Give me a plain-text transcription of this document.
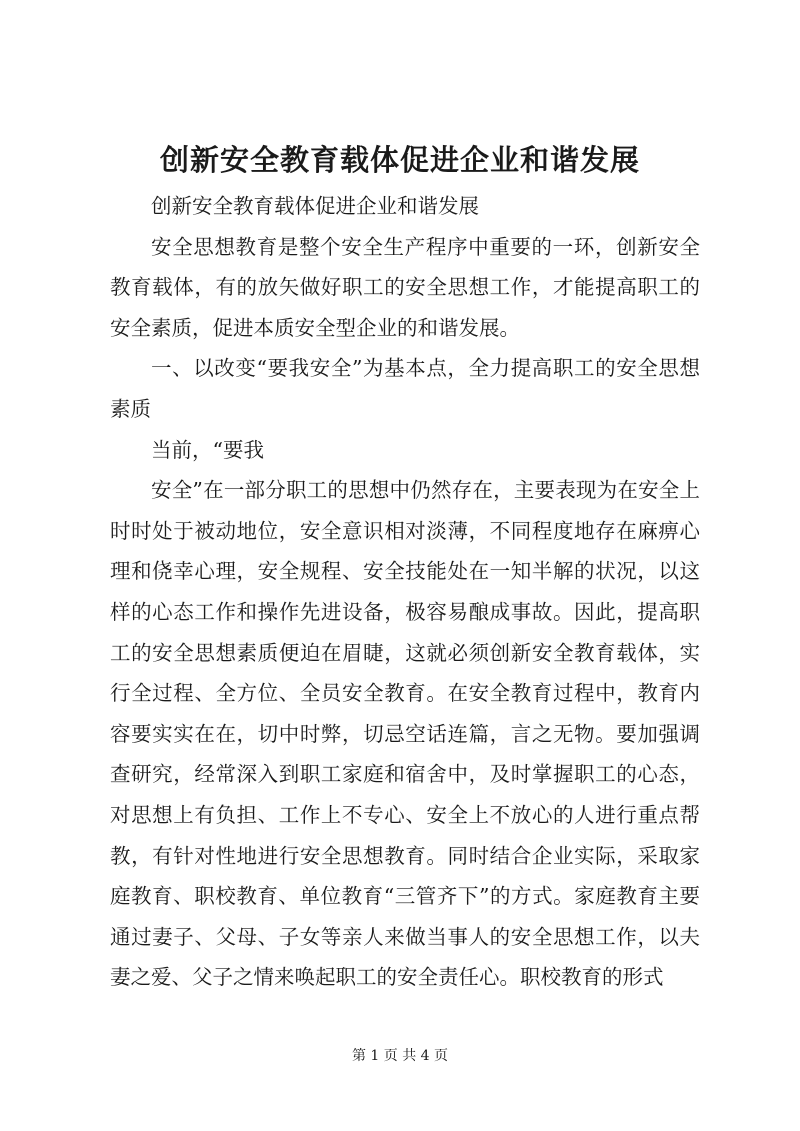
创新安全教育载体促进企业和谐发展

创新安全教育载体促进企业和谐发展

安全思想教育是整个安全生产程序中重要的一环，创新安全教育载体，有的放矢做好职工的安全思想工作，才能提高职工的安全素质，促进本质安全型企业的和谐发展。

一、以改变“要我安全”为基本点，全力提高职工的安全思想素质

当前，“要我

安全”在一部分职工的思想中仍然存在，主要表现为在安全上时时处于被动地位，安全意识相对淡薄，不同程度地存在麻痹心理和侥幸心理，安全规程、安全技能处在一知半解的状况，以这样的心态工作和操作先进设备，极容易酿成事故。因此，提高职工的安全思想素质便迫在眉睫，这就必须创新安全教育载体，实行全过程、全方位、全员安全教育。在安全教育过程中，教育内容要实实在在，切中时弊，切忌空话连篇，言之无物。要加强调查研究，经常深入到职工家庭和宿舍中，及时掌握职工的心态，对思想上有负担、工作上不专心、安全上不放心的人进行重点帮教，有针对性地进行安全思想教育。同时结合企业实际，采取家庭教育、职校教育、单位教育“三管齐下”的方式。家庭教育主要通过妻子、父母、子女等亲人来做当事人的安全思想工作，以夫妻之爱、父子之情来唤起职工的安全责任心。职校教育的形式

第 1 页 共 4 页
